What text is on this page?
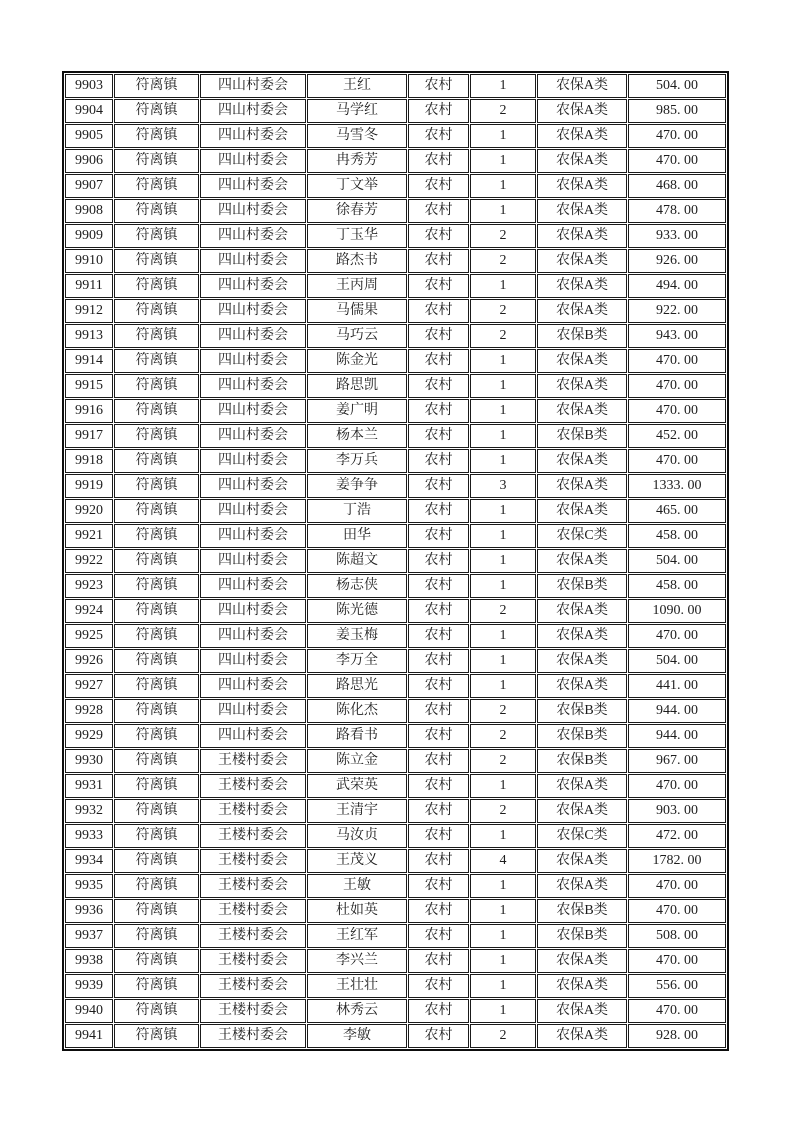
9903	符离镇	四山村委会	王红	农村	1	农保A类	504. 00
9904	符离镇	四山村委会	马学红	农村	2	农保A类	985. 00
9905	符离镇	四山村委会	马雪冬	农村	1	农保A类	470. 00
9906	符离镇	四山村委会	冉秀芳	农村	1	农保A类	470. 00
9907	符离镇	四山村委会	丁文举	农村	1	农保A类	468. 00
9908	符离镇	四山村委会	徐春芳	农村	1	农保A类	478. 00
9909	符离镇	四山村委会	丁玉华	农村	2	农保A类	933. 00
9910	符离镇	四山村委会	路杰书	农村	2	农保A类	926. 00
9911	符离镇	四山村委会	王丙周	农村	1	农保A类	494. 00
9912	符离镇	四山村委会	马儒果	农村	2	农保A类	922. 00
9913	符离镇	四山村委会	马巧云	农村	2	农保B类	943. 00
9914	符离镇	四山村委会	陈金光	农村	1	农保A类	470. 00
9915	符离镇	四山村委会	路思凯	农村	1	农保A类	470. 00
9916	符离镇	四山村委会	姜广明	农村	1	农保A类	470. 00
9917	符离镇	四山村委会	杨本兰	农村	1	农保B类	452. 00
9918	符离镇	四山村委会	李万兵	农村	1	农保A类	470. 00
9919	符离镇	四山村委会	姜争争	农村	3	农保A类	1333. 00
9920	符离镇	四山村委会	丁浩	农村	1	农保A类	465. 00
9921	符离镇	四山村委会	田华	农村	1	农保C类	458. 00
9922	符离镇	四山村委会	陈超文	农村	1	农保A类	504. 00
9923	符离镇	四山村委会	杨志侠	农村	1	农保B类	458. 00
9924	符离镇	四山村委会	陈光德	农村	2	农保A类	1090. 00
9925	符离镇	四山村委会	姜玉梅	农村	1	农保A类	470. 00
9926	符离镇	四山村委会	李万全	农村	1	农保A类	504. 00
9927	符离镇	四山村委会	路思光	农村	1	农保A类	441. 00
9928	符离镇	四山村委会	陈化杰	农村	2	农保B类	944. 00
9929	符离镇	四山村委会	路看书	农村	2	农保B类	944. 00
9930	符离镇	王楼村委会	陈立金	农村	2	农保B类	967. 00
9931	符离镇	王楼村委会	武荣英	农村	1	农保A类	470. 00
9932	符离镇	王楼村委会	王清宇	农村	2	农保A类	903. 00
9933	符离镇	王楼村委会	马汝贞	农村	1	农保C类	472. 00
9934	符离镇	王楼村委会	王茂义	农村	4	农保A类	1782. 00
9935	符离镇	王楼村委会	王敏	农村	1	农保A类	470. 00
9936	符离镇	王楼村委会	杜如英	农村	1	农保B类	470. 00
9937	符离镇	王楼村委会	王红军	农村	1	农保B类	508. 00
9938	符离镇	王楼村委会	李兴兰	农村	1	农保A类	470. 00
9939	符离镇	王楼村委会	王壮壮	农村	1	农保A类	556. 00
9940	符离镇	王楼村委会	林秀云	农村	1	农保A类	470. 00
9941	符离镇	王楼村委会	李敏	农村	2	农保A类	928. 00
